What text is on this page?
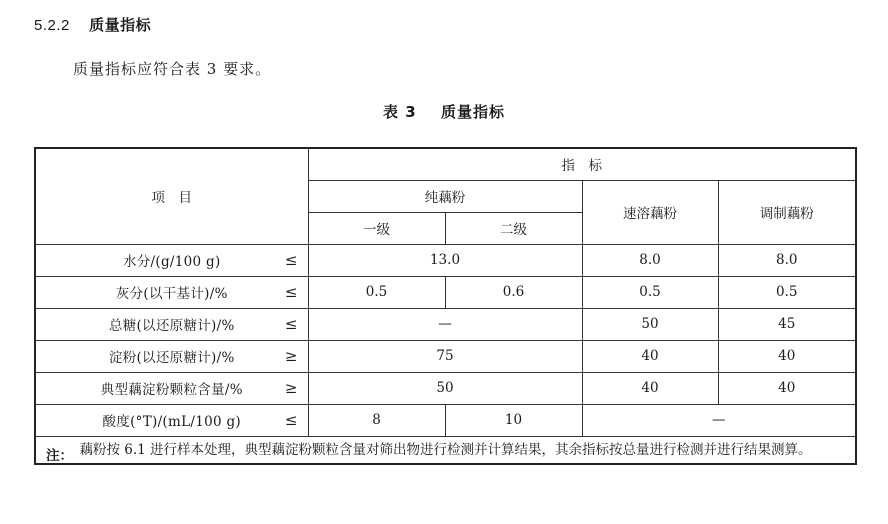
5.2.2 质量指标
质量指标应符合表 3 要求。
表 3 质量指标
项　目	指　标			
	纯藕粉		速溶藕粉	调制藕粉
	一级	二级		
水分/(g/100 g) ≤	13.0		8.0	8.0
灰分(以干基计)/% ≤	0.5	0.6	0.5	0.5
总糖(以还原糖计)/% ≤	—		50	45
淀粉(以还原糖计)/% ≥	75		40	40
典型藕淀粉颗粒含量/% ≥	50		40	40
酸度(°T)/(mL/100 g) ≤	8	10	—	

注： 藕粉按 6.1 进行样本处理，典型藕淀粉颗粒含量对筛出物进行检测并计算结果，其余指标按总量进行检测并进行结果测算。				
